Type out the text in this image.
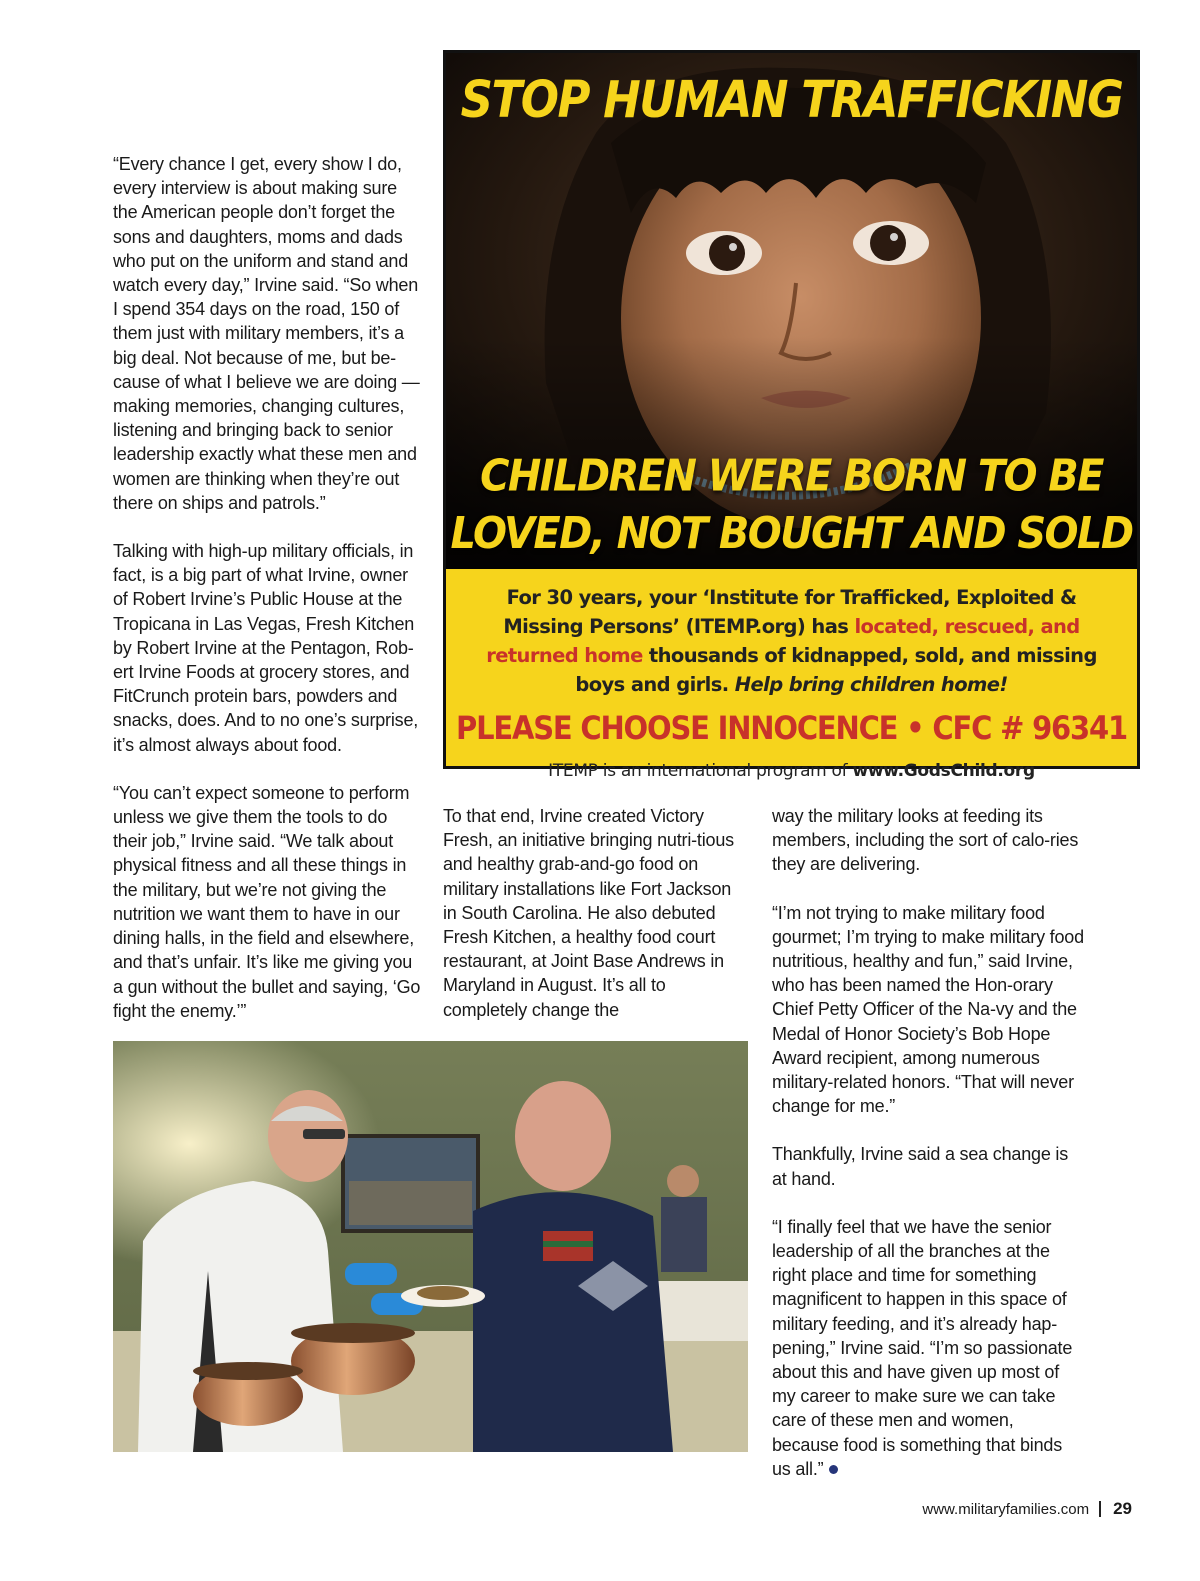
“Every chance I get, every show I do, every interview is about making sure the American people don’t forget the sons and daughters, moms and dads who put on the uniform and stand and watch every day,” Irvine said. “So when I spend 354 days on the road, 150 of them just with military members, it’s a big deal. Not because of me, but be-cause of what I believe we are doing — making memories, changing cultures, listening and bringing back to senior leadership exactly what these men and women are thinking when they’re out there on ships and patrols.”

Talking with high-up military officials, in fact, is a big part of what Irvine, owner of Robert Irvine’s Public House at the Tropicana in Las Vegas, Fresh Kitchen by Robert Irvine at the Pentagon, Rob-ert Irvine Foods at grocery stores, and FitCrunch protein bars, powders and snacks, does. And to no one’s surprise, it’s almost always about food.

“You can’t expect someone to perform unless we give them the tools to do their job,” Irvine said. “We talk about physical fitness and all these things in the military, but we’re not giving the nutrition we want them to have in our dining halls, in the field and elsewhere, and that’s unfair. It’s like me giving you a gun without the bullet and saying, ‘Go fight the enemy.’”

STOP HUMAN TRAFFICKING
CHILDREN WERE BORN TO BE
LOVED, NOT BOUGHT AND SOLD
For 30 years, your ‘Institute for Trafficked, Exploited & Missing Persons’ (ITEMP.org) has located, rescued, and returned home thousands of kidnapped, sold, and missing boys and girls. Help bring children home!
PLEASE CHOOSE INNOCENCE • CFC # 96341
ITEMP is an international program of www.GodsChild.org

To that end, Irvine created Victory Fresh, an initiative bringing nutri-tious and healthy grab-and-go food on military installations like Fort Jackson in South Carolina. He also debuted Fresh Kitchen, a healthy food court restaurant, at Joint Base Andrews in Maryland in August. It’s all to completely change the

way the military looks at feeding its members, including the sort of calo-ries they are delivering.

“I’m not trying to make military food gourmet; I’m trying to make military food nutritious, healthy and fun,” said Irvine, who has been named the Hon-orary Chief Petty Officer of the Na-vy and the Medal of Honor Society’s Bob Hope Award recipient, among numerous military-related honors. “That will never change for me.”

Thankfully, Irvine said a sea change is at hand.

“I finally feel that we have the senior leadership of all the branches at the right place and time for something magnificent to happen in this space of military feeding, and it’s already hap-pening,” Irvine said. “I’m so passionate about this and have given up most of my career to make sure we can take care of these men and women, because food is something that binds us all.”

www.militaryfamilies.com 29
